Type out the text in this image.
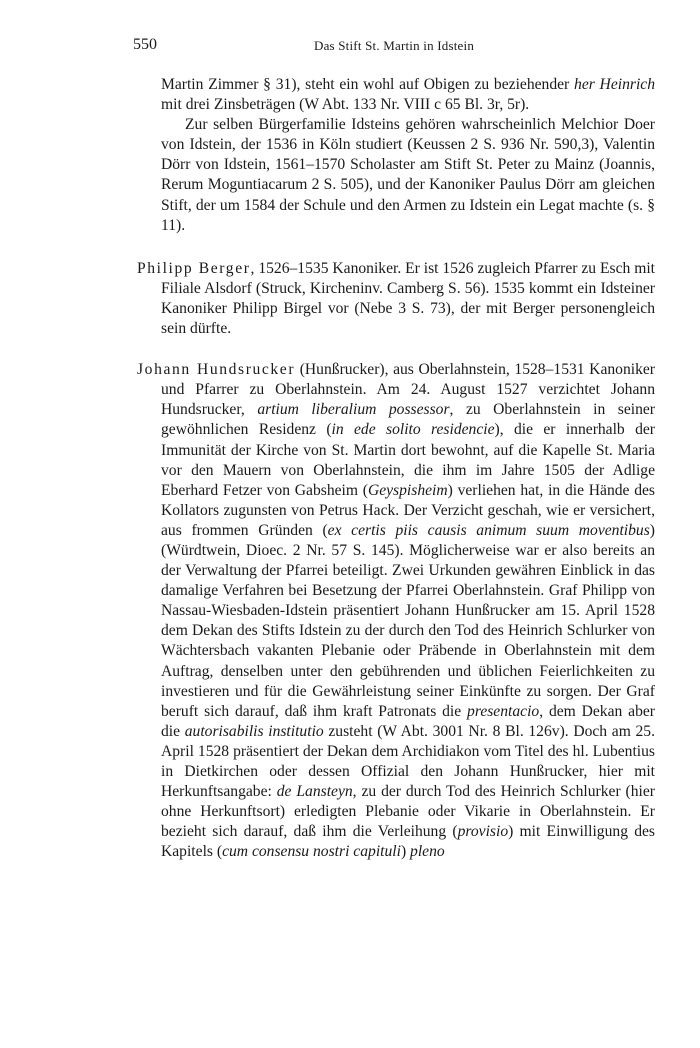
550	Das Stift St. Martin in Idstein

Martin Zimmer § 31), steht ein wohl auf Obigen zu beziehender her Heinrich mit drei Zinsbeträgen (W Abt. 133 Nr. VIII c 65 Bl. 3r, 5r).

Zur selben Bürgerfamilie Idsteins gehören wahrscheinlich Melchior Doer von Idstein, der 1536 in Köln studiert (Keussen 2 S. 936 Nr. 590,3), Valentin Dörr von Idstein, 1561–1570 Scholaster am Stift St. Peter zu Mainz (Joannis, Rerum Moguntiacarum 2 S. 505), und der Kanoniker Paulus Dörr am gleichen Stift, der um 1584 der Schule und den Armen zu Idstein ein Legat machte (s. § 11).

Philipp Berger, 1526–1535 Kanoniker. Er ist 1526 zugleich Pfarrer zu Esch mit Filiale Alsdorf (Struck, Kircheninv. Camberg S. 56). 1535 kommt ein Idsteiner Kanoniker Philipp Birgel vor (Nebe 3 S. 73), der mit Berger personengleich sein dürfte.

Johann Hundsrucker (Hunßrucker), aus Oberlahnstein, 1528–1531 Kanoniker und Pfarrer zu Oberlahnstein. Am 24. August 1527 verzichtet Johann Hundsrucker, artium liberalium possessor, zu Oberlahnstein in seiner gewöhnlichen Residenz (in ede solito residencie), die er innerhalb der Immunität der Kirche von St. Martin dort bewohnt, auf die Kapelle St. Maria vor den Mauern von Oberlahnstein, die ihm im Jahre 1505 der Adlige Eberhard Fetzer von Gabsheim (Geyspisheim) verliehen hat, in die Hände des Kollators zugunsten von Petrus Hack. Der Verzicht geschah, wie er versichert, aus frommen Gründen (ex certis piis causis animum suum moventibus) (Würdtwein, Dioec. 2 Nr. 57 S. 145). Möglicherweise war er also bereits an der Verwaltung der Pfarrei beteiligt. Zwei Urkunden gewähren Einblick in das damalige Verfahren bei Besetzung der Pfarrei Oberlahnstein. Graf Philipp von Nassau-Wiesbaden-Idstein präsentiert Johann Hunßrucker am 15. April 1528 dem Dekan des Stifts Idstein zu der durch den Tod des Heinrich Schlurker von Wächtersbach vakanten Plebanie oder Präbende in Oberlahnstein mit dem Auftrag, denselben unter den gebührenden und üblichen Feierlichkeiten zu investieren und für die Gewährleistung seiner Einkünfte zu sorgen. Der Graf beruft sich darauf, daß ihm kraft Patronats die presentacio, dem Dekan aber die autorisabilis institutio zusteht (W Abt. 3001 Nr. 8 Bl. 126v). Doch am 25. April 1528 präsentiert der Dekan dem Archidiakon vom Titel des hl. Lubentius in Dietkirchen oder dessen Offizial den Johann Hunßrucker, hier mit Herkunftsangabe: de Lansteyn, zu der durch Tod des Heinrich Schlurker (hier ohne Herkunftsort) erledigten Plebanie oder Vikarie in Oberlahnstein. Er bezieht sich darauf, daß ihm die Verleihung (provisio) mit Einwilligung des Kapitels (cum consensu nostri capituli) pleno
